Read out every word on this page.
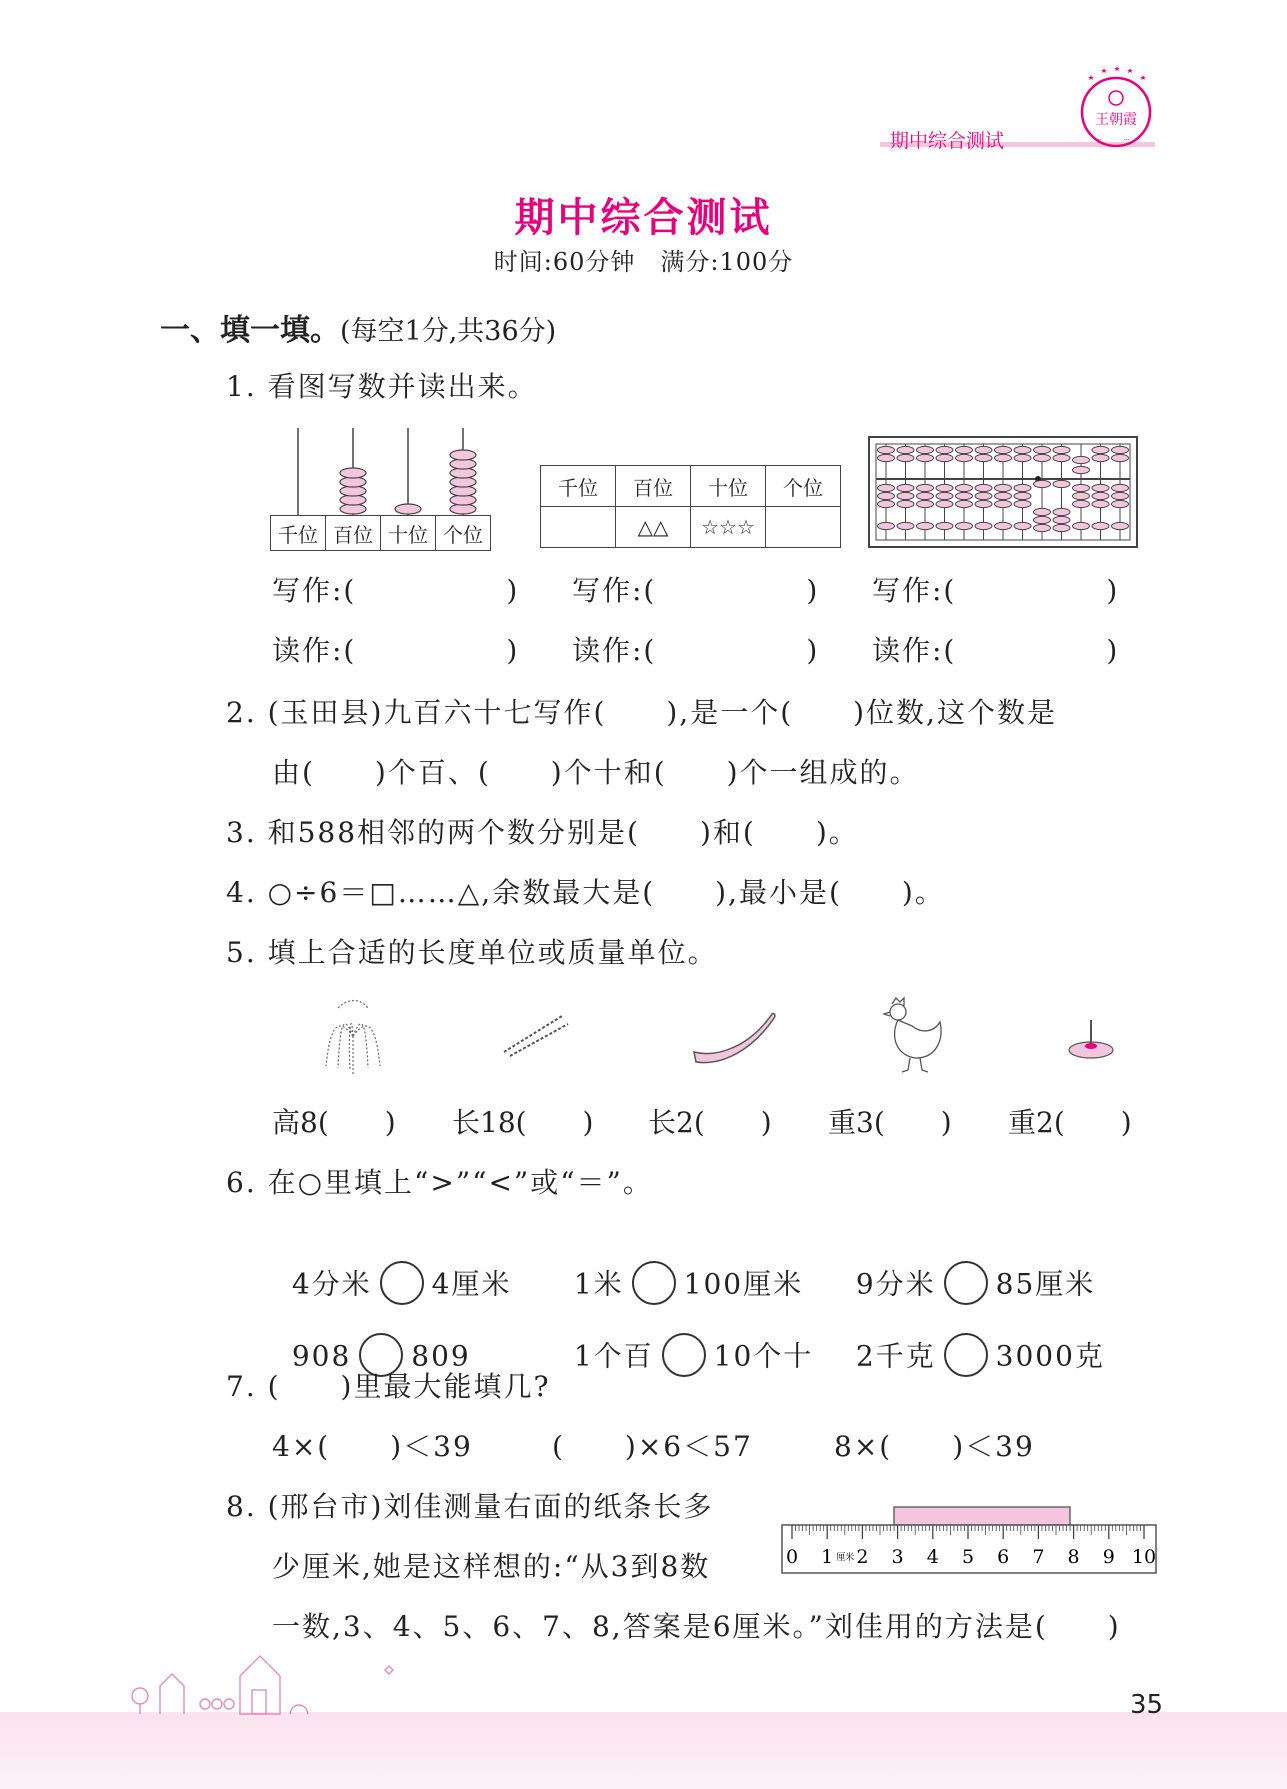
期中综合测试
王朝霞
…	…
期中综合测试
时间:60分钟　满分:100分
一、填一填。(每空1分,共36分)
1. 看图写数并读出来。
千位	百位	十位	个位
千位	百位	十位	个位
	△△	☆☆☆	
写作:(　　　　　) 写作:(　　　　　) 写作:(　　　　　)
读作:(　　　　　) 读作:(　　　　　) 读作:(　　　　　)
2. (玉田县)九百六十七写作(　　),是一个(　　)位数,这个数是
由(　　)个百、(　　)个十和(　　)个一组成的。
3. 和588相邻的两个数分别是(　　)和(　　)。
4. ○÷6＝□……△,余数最大是(　　),最小是(　　)。
5. 填上合适的长度单位或质量单位。
高8(　　) 长18(　　) 长2(　　) 重3(　　) 重2(　　)
6. 在○里填上“>”“<”或“＝”。

4分米 4厘米	1米 100厘米	9分米 85厘米

908 809	1个百 10个十	2千克 3000克

7. (　　)里最大能填几?
4×(　　)＜39	(　　)×6＜57	8×(　　)＜39
8. (邢台市)刘佳测量右面的纸条长多
少厘米,她是这样想的:“从3到8数
一数,3、4、5、6、7、8,答案是6厘米。”刘佳用的方法是(　　)
0 1 2 3 4 5 6 7 8 9 10
厘米
35
